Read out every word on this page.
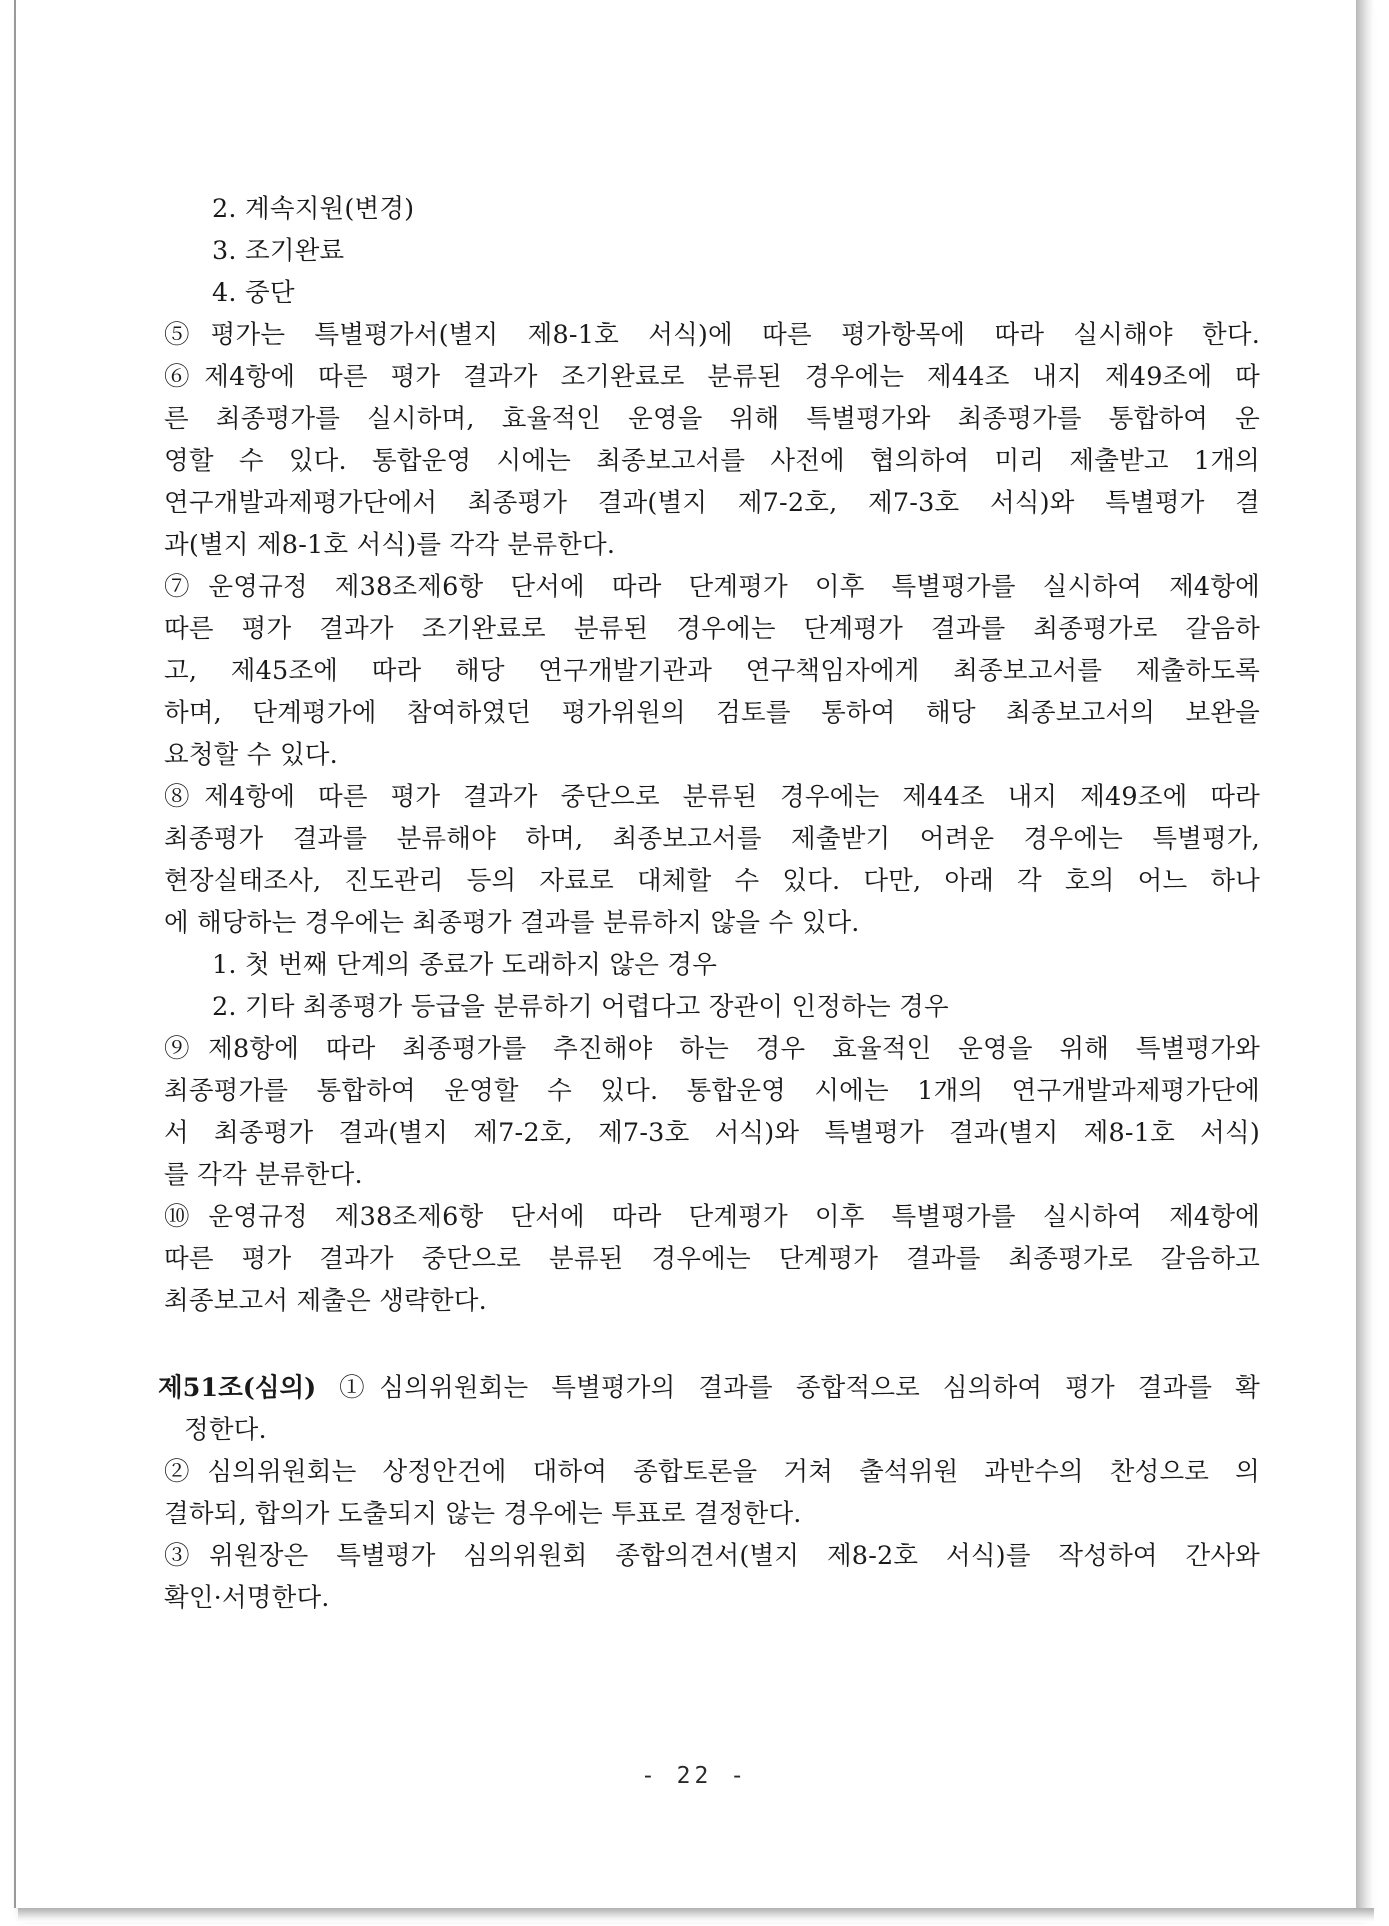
2. 계속지원(변경)
3. 조기완료
4. 중단
⑤평가는 특별평가서(별지 제8-1호 서식)에 따른 평가항목에 따라 실시해야 한다.
⑥제4항에 따른 평가 결과가 조기완료로 분류된 경우에는 제44조 내지 제49조에 따
른 최종평가를 실시하며, 효율적인 운영을 위해 특별평가와 최종평가를 통합하여 운
영할 수 있다. 통합운영 시에는 최종보고서를 사전에 협의하여 미리 제출받고 1개의
연구개발과제평가단에서 최종평가 결과(별지 제7-2호, 제7-3호 서식)와 특별평가 결
과(별지 제8-1호 서식)를 각각 분류한다.
⑦운영규정 제38조제6항 단서에 따라 단계평가 이후 특별평가를 실시하여 제4항에
따른 평가 결과가 조기완료로 분류된 경우에는 단계평가 결과를 최종평가로 갈음하
고, 제45조에 따라 해당 연구개발기관과 연구책임자에게 최종보고서를 제출하도록
하며, 단계평가에 참여하였던 평가위원의 검토를 통하여 해당 최종보고서의 보완을
요청할 수 있다.
⑧제4항에 따른 평가 결과가 중단으로 분류된 경우에는 제44조 내지 제49조에 따라
최종평가 결과를 분류해야 하며, 최종보고서를 제출받기 어려운 경우에는 특별평가,
현장실태조사, 진도관리 등의 자료로 대체할 수 있다. 다만, 아래 각 호의 어느 하나
에 해당하는 경우에는 최종평가 결과를 분류하지 않을 수 있다.
1. 첫 번째 단계의 종료가 도래하지 않은 경우
2. 기타 최종평가 등급을 분류하기 어렵다고 장관이 인정하는 경우
⑨제8항에 따라 최종평가를 추진해야 하는 경우 효율적인 운영을 위해 특별평가와
최종평가를 통합하여 운영할 수 있다. 통합운영 시에는 1개의 연구개발과제평가단에
서 최종평가 결과(별지 제7-2호, 제7-3호 서식)와 특별평가 결과(별지 제8-1호 서식)
를 각각 분류한다.
⑩운영규정 제38조제6항 단서에 따라 단계평가 이후 특별평가를 실시하여 제4항에
따른 평가 결과가 중단으로 분류된 경우에는 단계평가 결과를 최종평가로 갈음하고
최종보고서 제출은 생략한다.
제51조(심의) ①심의위원회는 특별평가의 결과를 종합적으로 심의하여 평가 결과를 확
정한다.
②심의위원회는 상정안건에 대하여 종합토론을 거쳐 출석위원 과반수의 찬성으로 의
결하되, 합의가 도출되지 않는 경우에는 투표로 결정한다.
③위원장은 특별평가 심의위원회 종합의견서(별지 제8-2호 서식)를 작성하여 간사와
확인·서명한다.
- 22 -
